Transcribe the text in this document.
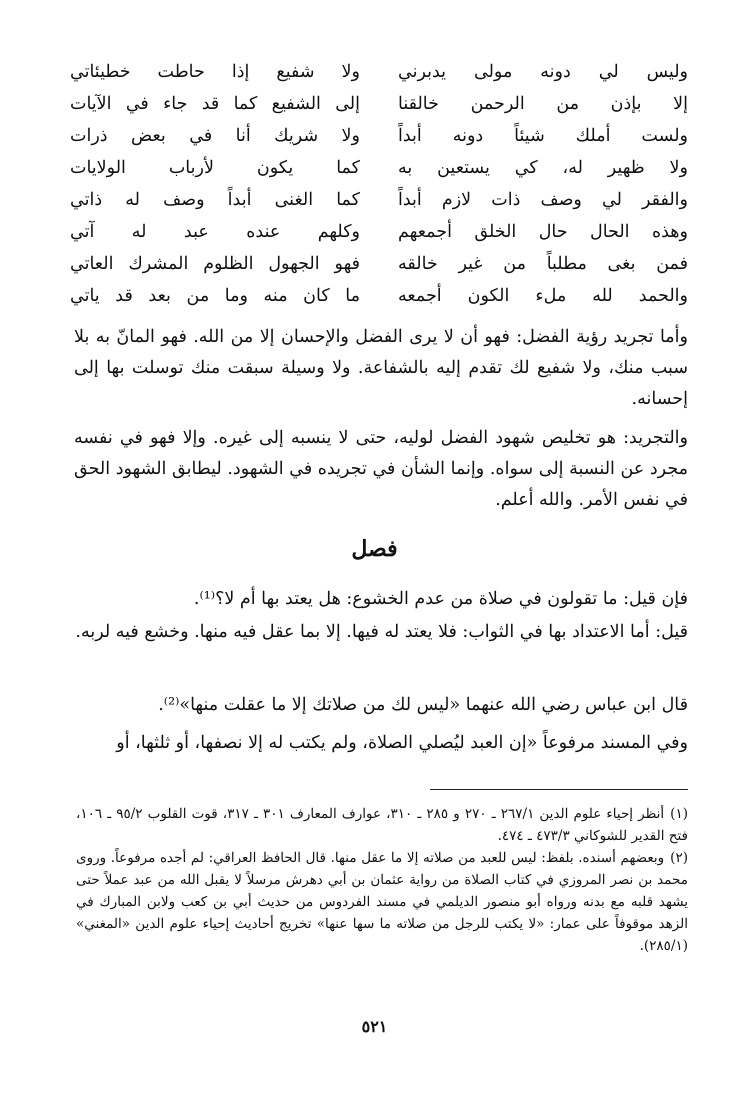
وليس لي دونه مولى يدبرني
إلا بإذن من الرحمن خالقنا
ولست أملك شيئاً دونه أبداً
ولا ظهير له، كي يستعين به
والفقر لي وصف ذات لازم أبداً
وهذه الحال حال الخلق أجمعهم
فمن بغى مطلباً من غير خالقه
والحمد لله ملء الكون أجمعه
ولا شفيع إذا حاطت خطيئاتي
إلى الشفيع كما قد جاء في الآيات
ولا شريك أنا في بعض ذرات
كما يكون لأرباب الولايات
كما الغنى أبداً وصف له ذاتي
وكلهم عنده عبد له آتي
فهو الجهول الظلوم المشرك العاتي
ما كان منه وما من بعد قد ياتي

وأما تجريد رؤية الفضل: فهو أن لا يرى الفضل والإحسان إلا من الله. فهو المانّ به بلا سبب منك، ولا شفيع لك تقدم إليه بالشفاعة. ولا وسيلة سبقت منك توسلت بها إلى إحسانه.

والتجريد: هو تخليص شهود الفضل لوليه، حتى لا ينسبه إلى غيره. وإلا فهو في نفسه مجرد عن النسبة إلى سواه. وإنما الشأن في تجريده في الشهود. ليطابق الشهود الحق في نفس الأمر. والله أعلم.

فصل

فإن قيل: ما تقولون في صلاة من عدم الخشوع: هل يعتد بها أم لا؟⁽¹⁾.

قيل: أما الاعتداد بها في الثواب: فلا يعتد له فيها. إلا بما عقل فيه منها. وخشع فيه لربه.

قال ابن عباس رضي الله عنهما «ليس لك من صلاتك إلا ما عقلت منها»⁽²⁾.

وفي المسند مرفوعاً «إن العبد ليُصلي الصلاة، ولم يكتب له إلا نصفها، أو ثلثها، أو

(١)أنظر إحياء علوم الدين ٢٦٧/١ ـ ٢٧٠ و ٢٨٥ ـ ٣١٠، عوارف المعارف ٣٠١ ـ ٣١٧، قوت القلوب ٩٥/٢ ـ ١٠٦، فتح القدير للشوكاني ٤٧٣/٣ ـ ٤٧٤.

(٢)وبعضهم أسنده. بلفظ: ليس للعبد من صلاته إلا ما عقل منها. قال الحافظ العراقي: لم أجده مرفوعاً. وروى محمد بن نصر المروزي في كتاب الصلاة من رواية عثمان بن أبي دهرش مرسلاً لا يقبل الله من عبد عملاً حتى يشهد قلبه مع بدنه ورواه أبو منصور الديلمي في مسند الفردوس من حديث أبي بن كعب ولابن المبارك في الزهد موقوفاً على عمار: «لا يكتب للرجل من صلاته ما سها عنها» تخريج أحاديث إحياء علوم الدين «المغني» (٢٨٥/١).

٥٢١
